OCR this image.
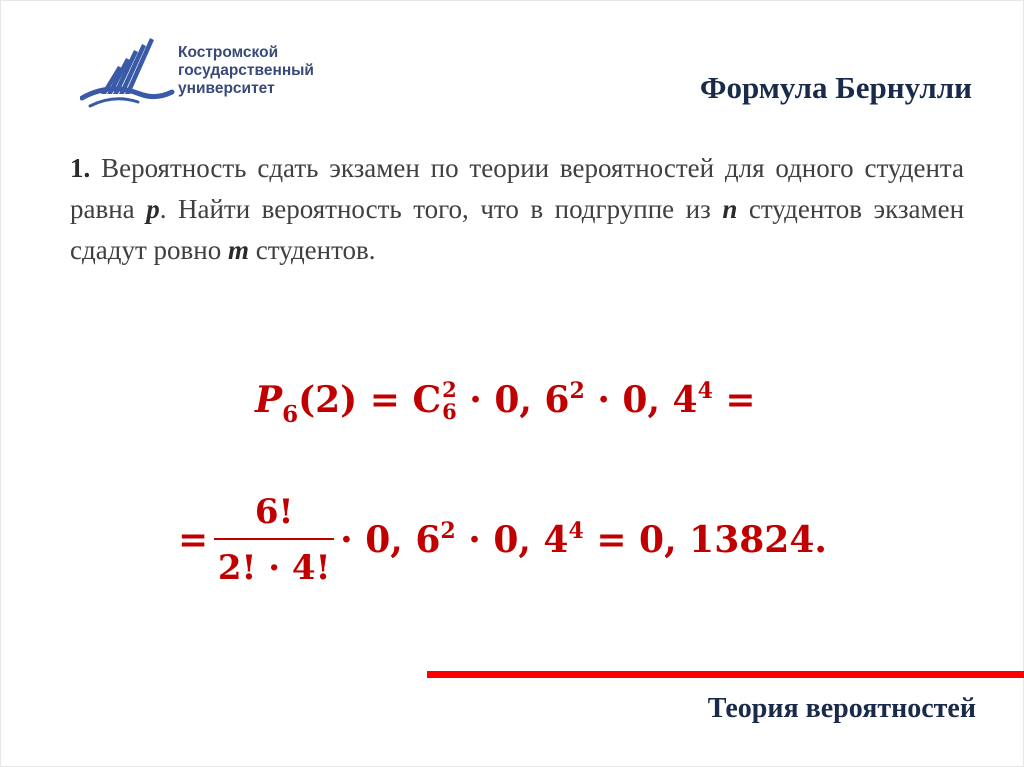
Костромской
государственный
университет	Формула Бернулли
1. Вероятность сдать экзамен по теории вероятностей для одного студента равна p. Найти вероятность того, что в подгруппе из n студентов экзамен сдадут ровно m студентов.
$P_6(2) = C$ 2
6 · 0, $6^2 \cdot 0$, $4^4$ =
= $\frac{6!}{2! \cdot 4!} \cdot 0$, $6^2 \cdot 0$, $4^4 = 0$, 13824.
Теория вероятностей
